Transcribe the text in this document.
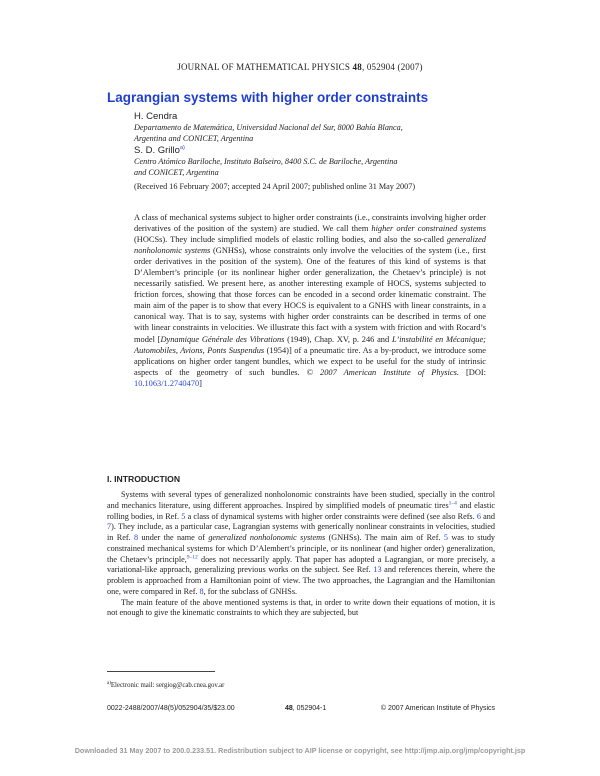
JOURNAL OF MATHEMATICAL PHYSICS 48, 052904 (2007)
Lagrangian systems with higher order constraints
H. Cendra
Departamento de Matemática, Universidad Nacional del Sur, 8000 Bahía Blanca,
Argentina and CONICET, Argentina
S. D. Grillo$^{a)}$
Centro Atómico Bariloche, Instituto Balseiro, 8400 S.C. de Bariloche, Argentina
and CONICET, Argentina
(Received 16 February 2007; accepted 24 April 2007; published online 31 May 2007)
A class of mechanical systems subject to higher order constraints (i.e., constraints involving higher order derivatives of the position of the system) are studied. We call them higher order constrained systems (HOCSs). They include simplified models of elastic rolling bodies, and also the so-called generalized nonholonomic systems (GNHSs), whose constraints only involve the velocities of the system (i.e., first order derivatives in the position of the system). One of the features of this kind of systems is that D’Alembert’s principle (or its nonlinear higher order generalization, the Chetaev’s principle) is not necessarily satisfied. We present here, as another interesting example of HOCS, systems subjected to friction forces, showing that those forces can be encoded in a second order kinematic constraint. The main aim of the paper is to show that every HOCS is equivalent to a GNHS with linear constraints, in a canonical way. That is to say, systems with higher order constraints can be described in terms of one with linear constraints in velocities. We illustrate this fact with a system with friction and with Rocard’s model [Dynamique Générale des Vibrations (1949), Chap. XV, p. 246 and L’instabilité en Mécanique; Automobiles, Avions, Ponts Suspendus (1954)] of a pneumatic tire. As a by-product, we introduce some applications on higher order tangent bundles, which we expect to be useful for the study of intrinsic aspects of the geometry of such bundles. © 2007 American Institute of Physics. [DOI: 10.1063/1.2740470]
I. INTRODUCTION

Systems with several types of generalized nonholonomic constraints have been studied, specially in the control and mechanics literature, using different approaches. Inspired by simplified models of pneumatic tires$^{1-4}$ and elastic rolling bodies, in Ref. 5 a class of dynamical systems with higher order constraints were defined (see also Refs. 6 and 7). They include, as a particular case, Lagrangian systems with generically nonlinear constraints in velocities, studied in Ref. 8 under the name of generalized nonholonomic systems (GNHSs). The main aim of Ref. 5 was to study constrained mechanical systems for which D’Alembert’s principle, or its nonlinear (and higher order) generalization, the Chetaev’s principle,$^{9-12}$ does not necessarily apply. That paper has adopted a Lagrangian, or more precisely, a variational-like approach, generalizing previous works on the subject. See Ref. 13 and references therein, where the problem is approached from a Hamiltonian point of view. The two approaches, the Lagrangian and the Hamiltonian one, were compared in Ref. 8, for the subclass of GNHSs.

The main feature of the above mentioned systems is that, in order to write down their equations of motion, it is not enough to give the kinematic constraints to which they are subjected, but

$^{a)}$Electronic mail: sergiog@cab.cnea.gov.ar
0022-2488/2007/48(5)/052904/35/$23.00	48 , 052904-1	© 2007 American Institute of Physics
Downloaded 31 May 2007 to 200.0.233.51. Redistribution subject to AIP license or copyright, see http://jmp.aip.org/jmp/copyright.jsp
